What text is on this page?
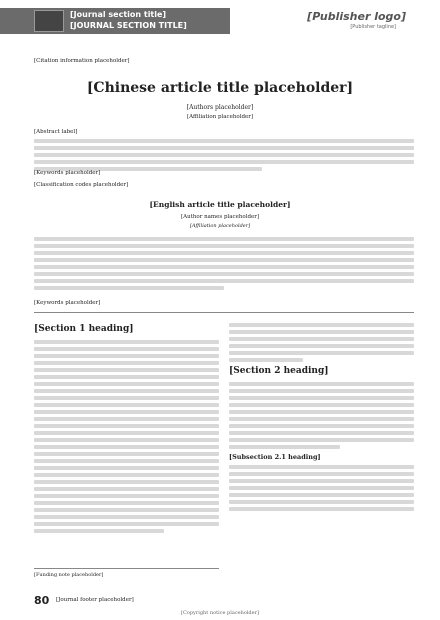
[Journal section title]
[JOURNAL SECTION TITLE]
[Publisher logo]
[Publisher tagline]
[Citation information placeholder]
[Chinese article title placeholder]
[Authors placeholder]
[Affiliation placeholder]
[Abstract label]
[Keywords placeholder]
[Classification codes placeholder]
[English article title placeholder]
[Author names placeholder]
[Affiliation placeholder]
[Keywords placeholder]
[Section 1 heading]
[Section 2 heading]
[Subsection 2.1 heading]
[Funding note placeholder]
80 [Journal footer placeholder]
[Copyright notice placeholder]
